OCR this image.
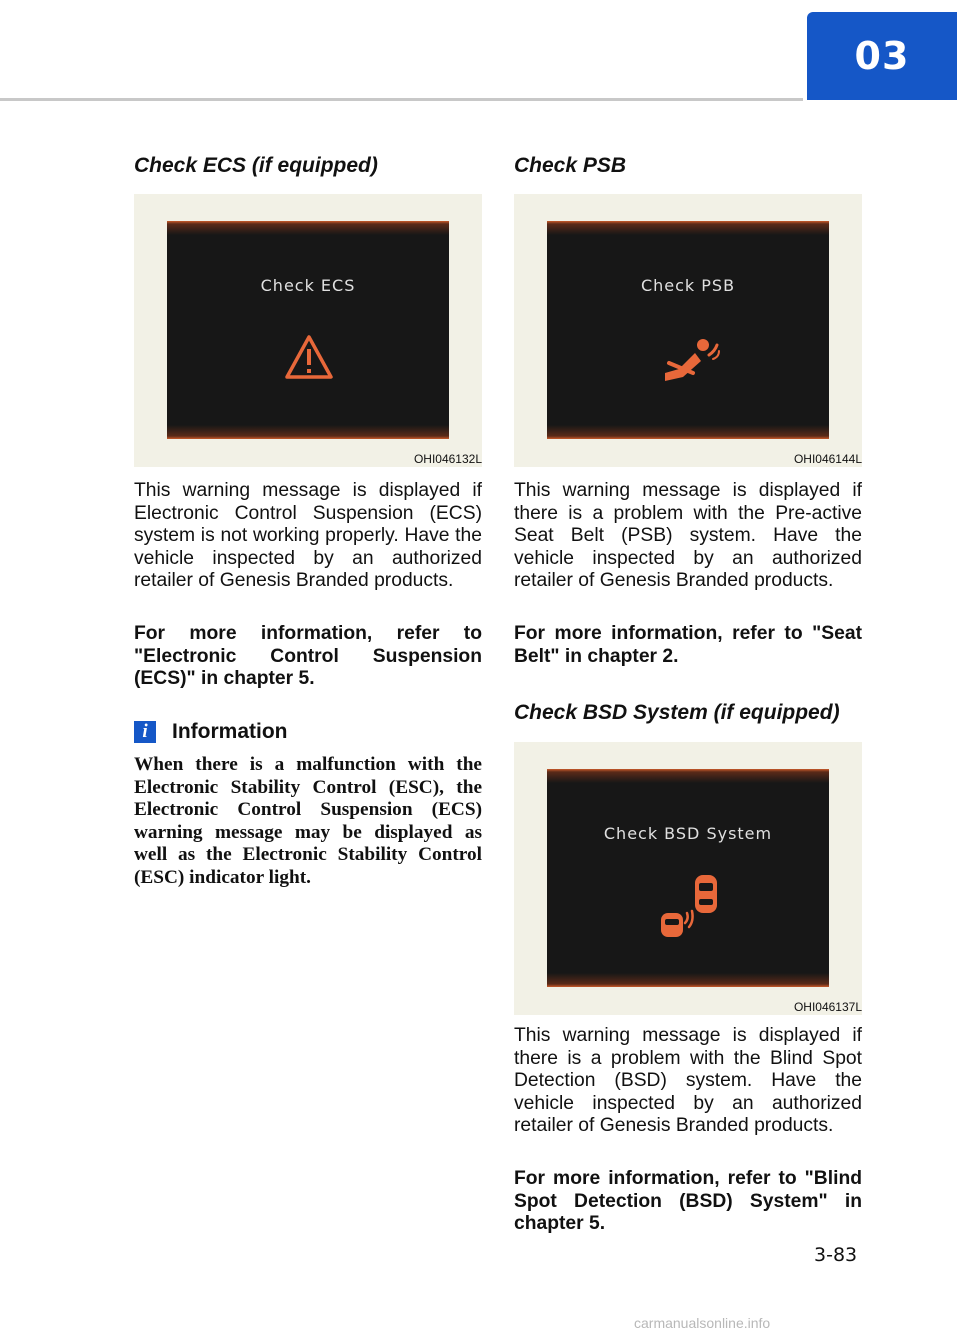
03
Check ECS (if equipped)
Check ECS
OHI046132L

This warning message is displayed if Electronic Control Suspension (ECS) system is not working properly. Have the vehicle inspected by an authorized retailer of Genesis Branded products.

For more information, refer to "Electronic Control Suspension (ECS)" in chapter 5.

i	Information

When there is a malfunction with the Electronic Stability Control (ESC), the Electronic Control Suspension (ECS) warning message may be displayed as well as the Electronic Stability Control (ESC) indicator light.

Check PSB
Check PSB
OHI046144L

This warning message is displayed if there is a problem with the Pre-active Seat Belt (PSB) system. Have the vehicle inspected by an authorized retailer of Genesis Branded products.

For more information, refer to "Seat Belt" in chapter 2.

Check BSD System (if equipped)
Check BSD System
OHI046137L

This warning message is displayed if there is a problem with the Blind Spot Detection (BSD) system. Have the vehicle inspected by an authorized retailer of Genesis Branded products.

For more information, refer to "Blind Spot Detection (BSD) System" in chapter 5.

3-83
carmanualsonline.info
